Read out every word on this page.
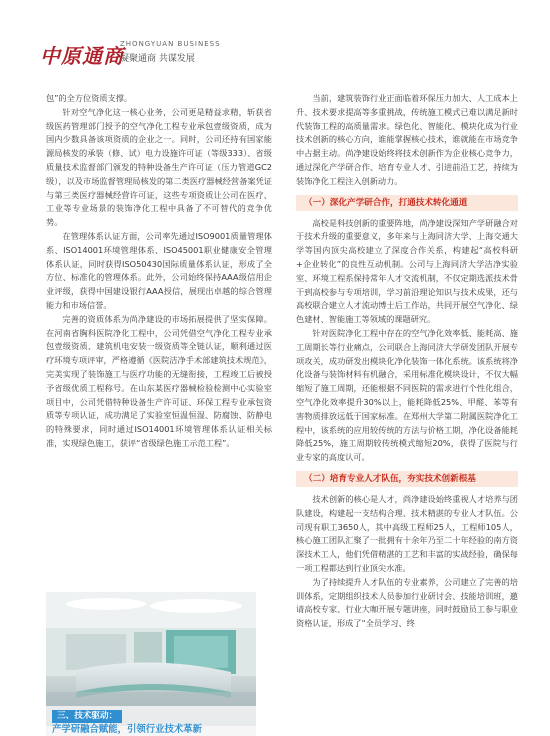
中原通商
ZHONGYUAN BUSINESS
凝聚通商 共谋发展

包”的全方位资质支撑。

针对空气净化这一核心业务，公司更是精益求精，斩获省级医药管理部门授予的空气净化工程专业承包壹级资质，成为国内少数具备该项资质的企业之一。同时，公司还持有国家能源局核发的承装（修、试）电力设施许可证（等级333）、省级质量技术监督部门颁发的特种设备生产许可证（压力管道GC2级），以及市场监督管理局核发的第二类医疗器械经营备案凭证与第三类医疗器械经营许可证，这些专项资质让公司在医疗、工业等专业场景的装饰净化工程中具备了不可替代的竞争优势。

在管理体系认证方面，公司率先通过ISO9001质量管理体系、ISO14001环境管理体系、ISO45001职业健康安全管理体系认证，同时获得ISO50430国际质量体系认证，形成了全方位、标准化的管理体系。此外，公司始终保持AAA级信用企业评级，获得中国建设银行AAA授信，展现出卓越的综合管理能力和市场信誉。

完善的资质体系为尚净建设的市场拓展提供了坚实保障。在河南省胸科医院净化工程中，公司凭借空气净化工程专业承包壹级资质、建筑机电安装一级资质等全链认证，顺利通过医疗环境专项评审，严格遵循《医院洁净手术部建筑技术规范》，完美实现了装饰施工与医疗功能的无缝衔接，工程竣工后被授予省级优质工程称号。在山东某医疗器械检验检测中心实验室项目中，公司凭借特种设备生产许可证、环保工程专业承包资质等专项认证，成功满足了实验室恒温恒湿、防腐蚀、防静电的特殊要求，同时通过ISO14001环境管理体系认证相关标准，实现绿色施工，获评“省级绿色施工示范工程”。

三、技术驱动：
产学研融合赋能，引领行业技术革新

当前，建筑装饰行业正面临着环保压力加大、人工成本上升、技术要求提高等多重挑战，传统施工模式已难以满足新时代装饰工程的高质量需求。绿色化、智能化、模块化成为行业技术创新的核心方向，谁能掌握核心技术，谁就能在市场竞争中占据主动。尚净建设始终将技术创新作为企业核心竞争力，通过深化产学研合作、培育专业人才、引进前沿工艺，持续为装饰净化工程注入创新动力。

（一）深化产学研合作，打通技术转化通道

高校是科技创新的重要阵地，尚净建设深知产学研融合对于技术升级的重要意义，多年来与上海同济大学、上海交通大学等国内顶尖高校建立了深度合作关系，构建起“高校科研+企业转化”的良性互动机制。公司与上海同济大学洁净实验室、环境工程系保持常年人才交流机制，不仅定期选派技术骨干到高校参与专项培训，学习前沿理论知识与技术成果，还与高校联合建立人才流动博士后工作站，共同开展空气净化、绿色建材、智能施工等领域的课题研究。

针对医院净化工程中存在的空气净化效率低、能耗高、施工周期长等行业痛点，公司联合上海同济大学研发团队开展专项攻关，成功研发出模块化净化装饰一体化系统。该系统将净化设备与装饰材料有机融合，采用标准化模块设计，不仅大幅缩短了施工周期，还能根据不同医院的需求进行个性化组合，空气净化效率提升30%以上，能耗降低25%、甲醛、苯等有害物质排放远低于国家标准。在郑州大学第二附属医院净化工程中，该系统的应用较传统的方法与价格工期，净化设备能耗降低25%，施工周期较传统模式缩短20%，获得了医院与行业专家的高度认可。

（二）培育专业人才队伍，夯实技术创新根基

技术创新的核心是人才，尚净建设始终重视人才培养与团队建设，构建起一支结构合理、技术精湛的专业人才队伍。公司现有职工3650人，其中高级工程师25人，工程师105人，核心施工团队汇聚了一批拥有十余年乃至二十年经验的南方资深技术工人，他们凭借精湛的工艺和丰富的实战经验，确保每一项工程都达到行业顶尖水准。

为了持续提升人才队伍的专业素养，公司建立了完善的培训体系，定期组织技术人员参加行业研讨会、技能培训班，邀请高校专家、行业大咖开展专题讲座，同时鼓励员工参与职业资格认证，形成了“全员学习、终
